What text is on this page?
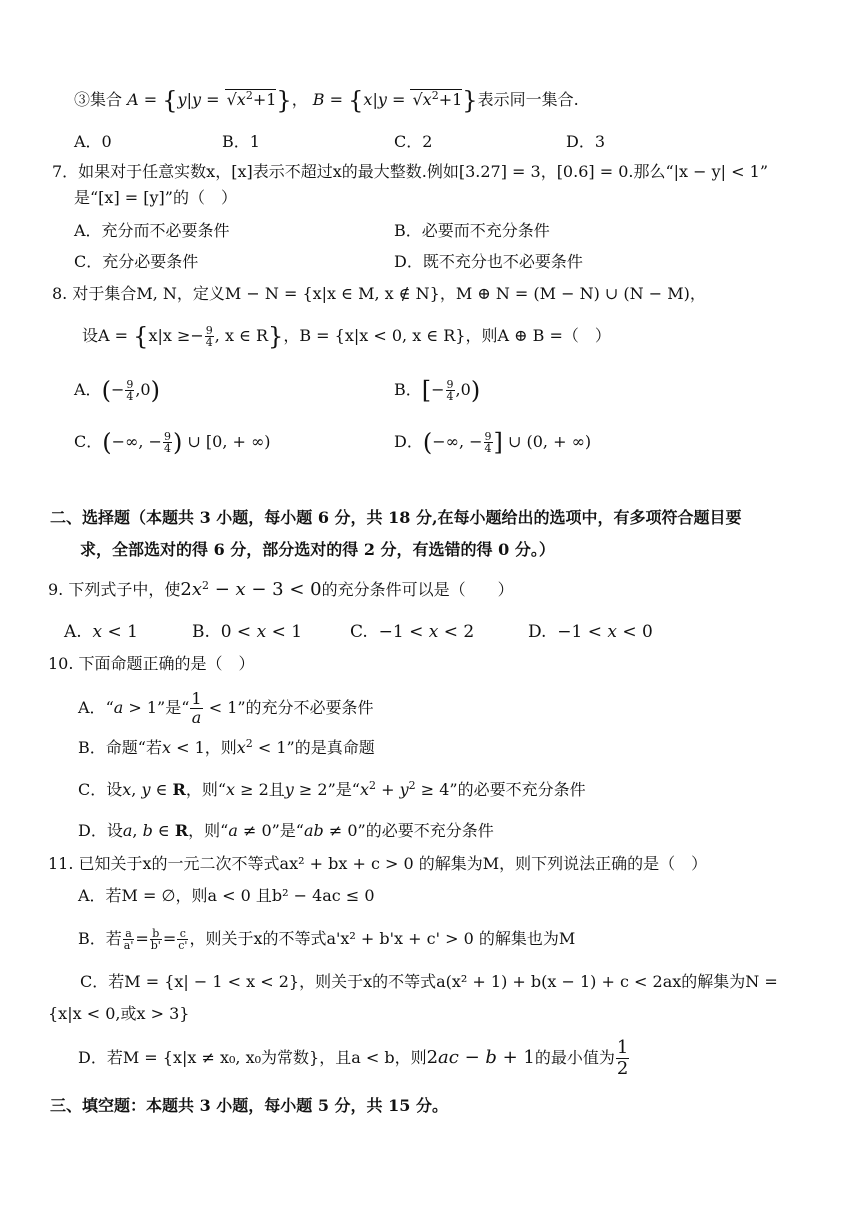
③集合 $A = \{y|y = √x^2+1\}$， $B = \{x|y = √x^2+1\}$表示同一集合.
A．0	B．1	C．2	D．3
7．如果对于任意实数x，[x]表示不超过x的最大整数.例如[3.27] = 3，[0.6] = 0.那么“|x − y| < 1”
是“[x] = [y]”的（　）
A．充分而不必要条件	B．必要而不充分条件
C．充分必要条件	D．既不充分也不必要条件
8. 对于集合M, N，定义M − N = {x|x ∈ M, x ∉ N}，M ⊕ N = (M − N) ∪ (N − M)，
设$A = \{x|x \ge- \frac{9}{4}$ , x ∈ R}，B = {x|x < 0, x ∈ R}，则A ⊕ B =（　）
A．(− $\frac{9}{4} ,0$)	B．[− $\frac{9}{4} ,0$)
C．(−∞, − $\frac{9}{4}$ ) ∪ [0, + ∞)	D．(−∞, − $\frac{9}{4}$ ] ∪ (0, + ∞)
二、选择题（本题共 3 小题，每小题 6 分，共 18 分,在每小题给出的选项中，有多项符合题目要
求，全部选对的得 6 分，部分选对的得 2 分，有选错的得 0 分。）
9. 下列式子中，使$2x^2 - x - 3 < 0$的充分条件可以是（　　）
A. x < 1	B.  0 < x < 1	C.  −1 < x < 2	D.  −1 < x < 0
10. 下面命题正确的是（　）
A．“a > 1”是“ $\frac{1}{a} < 1$”的充分不必要条件
B．命题“若x < 1，则$x^2 < 1$”的是真命题
C．设x, y ∈ R，则“x ≥ 2且y ≥ 2”是“$x^2 + y^2 \ge 4$”的必要不充分条件
D．设a, b ∈ R，则“a ≠ 0”是“ab ≠ 0”的必要不充分条件
11. 已知关于x的一元二次不等式ax² + bx + c > 0 的解集为M，则下列说法正确的是（　）
A．若M = ∅，则a < 0 且b² − 4ac ≤ 0
B．若 $\frac{a}{a'} = \frac{b}{b'} = \frac{c}{c'}$ ，则关于x的不等式a'x² + b'x + c' > 0 的解集也为M
C．若M = {x| − 1 < x < 2}，则关于x的不等式a(x² + 1) + b(x − 1) + c < 2ax的解集为N =
{x|x < 0,或x > 3}
D．若M = {x|x ≠ x₀, x₀为常数}，且a < b，则2ac − b + 1的最小值为 $\frac{1}{2}$
三、填空题：本题共 3 小题，每小题 5 分，共 15 分。
